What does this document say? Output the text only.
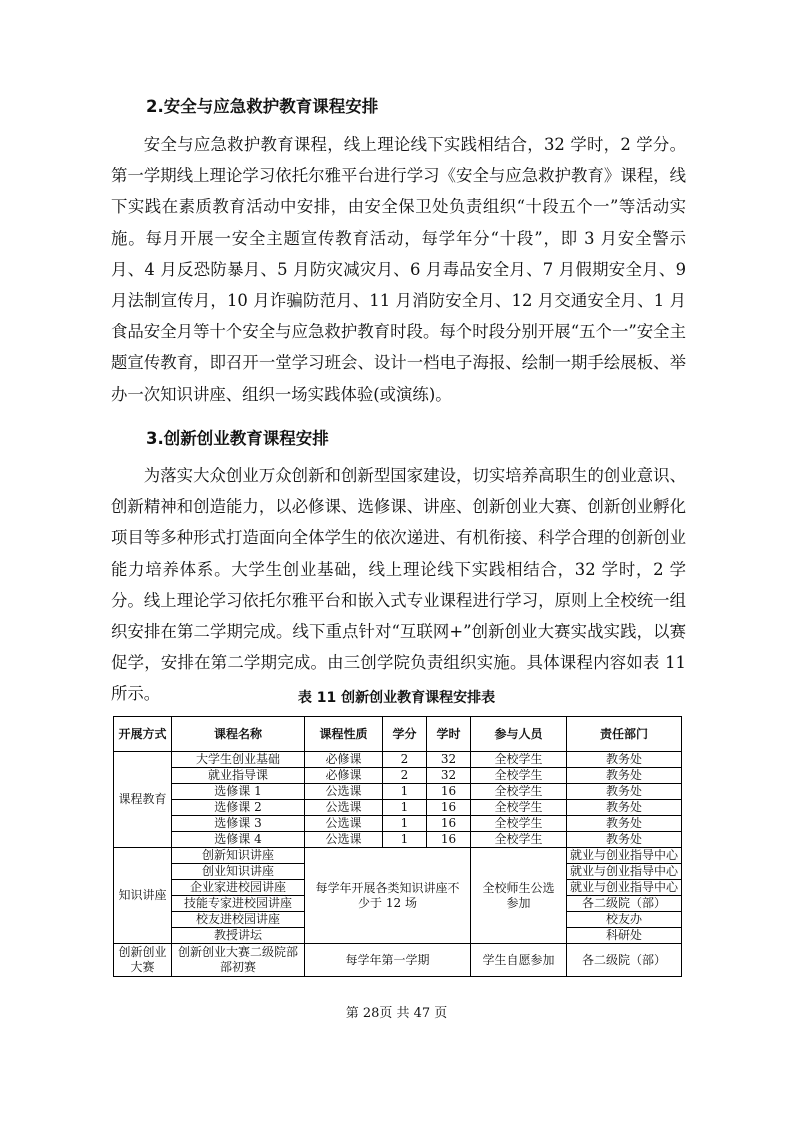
2.安全与应急救护教育课程安排

安全与应急救护教育课程，线上理论线下实践相结合，32 学时，2 学分。第一学期线上理论学习依托尔雅平台进行学习《安全与应急救护教育》课程，线下实践在素质教育活动中安排，由安全保卫处负责组织“十段五个一”等活动实施。每月开展一安全主题宣传教育活动，每学年分“十段”，即 3 月安全警示月、4 月反恐防暴月、5 月防灾减灾月、6 月毒品安全月、7 月假期安全月、9 月法制宣传月，10 月诈骗防范月、11 月消防安全月、12 月交通安全月、1 月食品安全月等十个安全与应急救护教育时段。每个时段分别开展“五个一”安全主题宣传教育，即召开一堂学习班会、设计一档电子海报、绘制一期手绘展板、举办一次知识讲座、组织一场实践体验(或演练)。

3.创新创业教育课程安排

为落实大众创业万众创新和创新型国家建设，切实培养高职生的创业意识、创新精神和创造能力，以必修课、选修课、讲座、创新创业大赛、创新创业孵化项目等多种形式打造面向全体学生的依次递进、有机衔接、科学合理的创新创业能力培养体系。大学生创业基础，线上理论线下实践相结合，32 学时，2 学分。线上理论学习依托尔雅平台和嵌入式专业课程进行学习，原则上全校统一组织安排在第二学期完成。线下重点针对“互联网+”创新创业大赛实战实践，以赛促学，安排在第二学期完成。由三创学院负责组织实施。具体课程内容如表 11 所示。	表 11 创新创业教育课程安排表
开展方式	课程名称	课程性质	学分	学时	参与人员	责任部门
课程教育	大学生创业基础	必修课	2	32	全校学生	教务处
	就业指导课	必修课	2	32	全校学生	教务处
	选修课 1	公选课	1	16	全校学生	教务处
	选修课 2	公选课	1	16	全校学生	教务处
	选修课 3	公选课	1	16	全校学生	教务处
	选修课 4	公选课	1	16	全校学生	教务处
知识讲座	创新知识讲座	每学年开展各类知识讲座不少于 12 场			全校师生公选参加	就业与创业指导中心
	创业知识讲座					就业与创业指导中心
	企业家进校园讲座					就业与创业指导中心
	技能专家进校园讲座					各二级院（部）
	校友进校园讲座					校友办
	教授讲坛					科研处
创新创业大赛	创新创业大赛二级院部部初赛	每学年第一学期			学生自愿参加	各二级院（部）
第 28页 共 47 页
